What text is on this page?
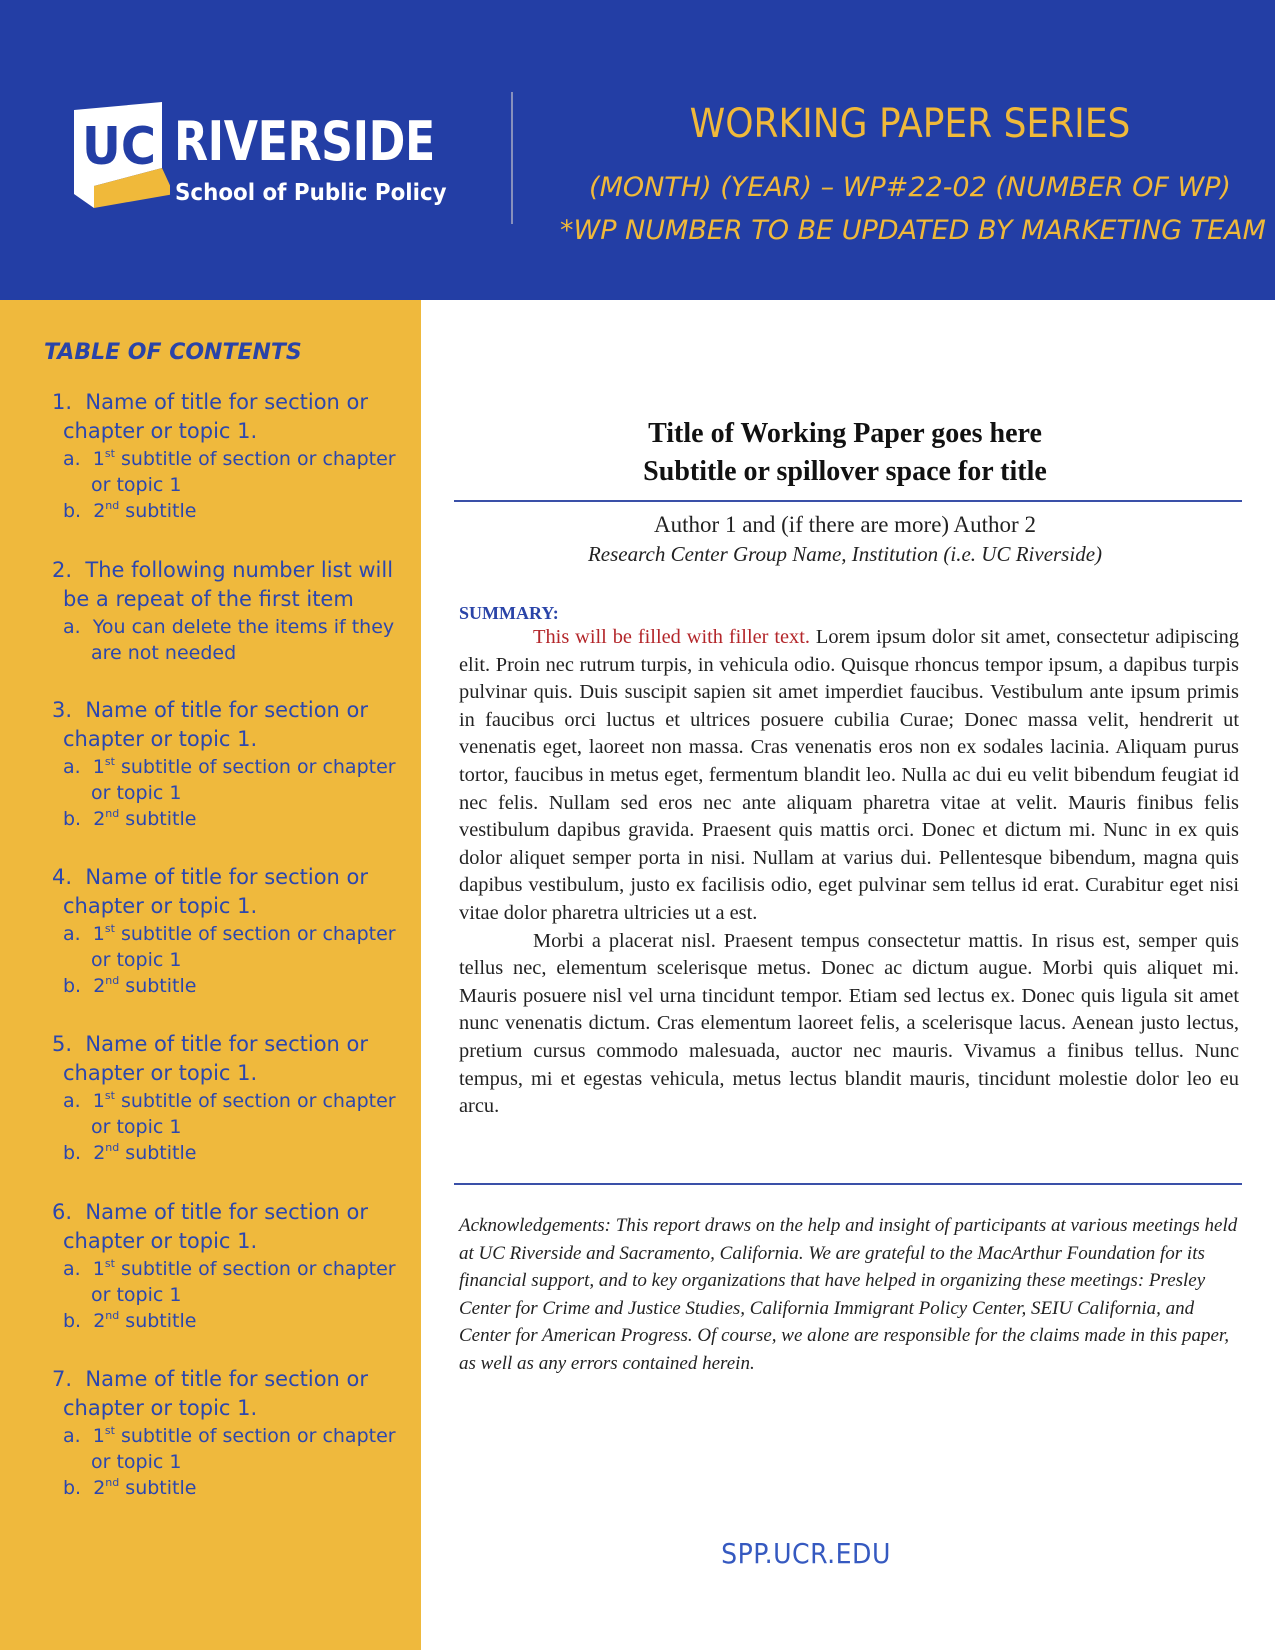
UC RIVERSIDE
School of Public Policy
WORKING PAPER SERIES
(MONTH) (YEAR) – WP#22-02 (NUMBER OF WP)
*WP NUMBER TO BE UPDATED BY MARKETING TEAM
TABLE OF CONTENTS
1. Name of title for section or
chapter or topic 1.
a. 1st subtitle of section or chapter
or topic 1
b. 2nd subtitle
2. The following number list will
be a repeat of the first item
a. You can delete the items if they
are not needed
3. Name of title for section or
chapter or topic 1.
a. 1st subtitle of section or chapter
or topic 1
b. 2nd subtitle
4. Name of title for section or
chapter or topic 1.
a. 1st subtitle of section or chapter
or topic 1
b. 2nd subtitle
5. Name of title for section or
chapter or topic 1.
a. 1st subtitle of section or chapter
or topic 1
b. 2nd subtitle
6. Name of title for section or
chapter or topic 1.
a. 1st subtitle of section or chapter
or topic 1
b. 2nd subtitle
7. Name of title for section or
chapter or topic 1.
a. 1st subtitle of section or chapter
or topic 1
b. 2nd subtitle
Title of Working Paper goes here
Subtitle or spillover space for title
Author 1 and (if there are more) Author 2
Research Center Group Name, Institution (i.e. UC Riverside)
SUMMARY:

This will be filled with filler text. Lorem ipsum dolor sit amet, consectetur adipiscing elit. Proin nec rutrum turpis, in vehicula odio. Quisque rhoncus tempor ipsum, a dapibus turpis pulvinar quis. Duis suscipit sapien sit amet imperdiet faucibus. Vestibulum ante ipsum primis in faucibus orci luctus et ultrices posuere cubilia Curae; Donec massa velit, hendrerit ut venenatis eget, laoreet non massa. Cras venenatis eros non ex sodales lacinia. Aliquam purus tortor, faucibus in metus eget, fermentum blandit leo. Nulla ac dui eu velit bibendum feugiat id nec felis. Nullam sed eros nec ante aliquam pharetra vitae at velit. Mauris finibus felis vestibulum dapibus gravida. Praesent quis mattis orci. Donec et dictum mi. Nunc in ex quis dolor aliquet semper porta in nisi. Nullam at varius dui. Pellentesque bibendum, magna quis dapibus vestibulum, justo ex facilisis odio, eget pulvinar sem tellus id erat. Curabitur eget nisi vitae dolor pharetra ultricies ut a est.

Morbi a placerat nisl. Praesent tempus consectetur mattis. In risus est, semper quis tellus nec, elementum scelerisque metus. Donec ac dictum augue. Morbi quis aliquet mi. Mauris posuere nisl vel urna tincidunt tempor. Etiam sed lectus ex. Donec quis ligula sit amet nunc venenatis dictum. Cras elementum laoreet felis, a scelerisque lacus. Aenean justo lectus, pretium cursus commodo malesuada, auctor nec mauris. Vivamus a finibus tellus. Nunc tempus, mi et egestas vehicula, metus lectus blandit mauris, tincidunt molestie dolor leo eu arcu.

Acknowledgements: This report draws on the help and insight of participants at various meetings held at UC Riverside and Sacramento, California. We are grateful to the MacArthur Foundation for its financial support, and to key organizations that have helped in organizing these meetings: Presley Center for Crime and Justice Studies, California Immigrant Policy Center, SEIU California, and Center for American Progress. Of course, we alone are responsible for the claims made in this paper, as well as any errors contained herein.
SPP.UCR.EDU
